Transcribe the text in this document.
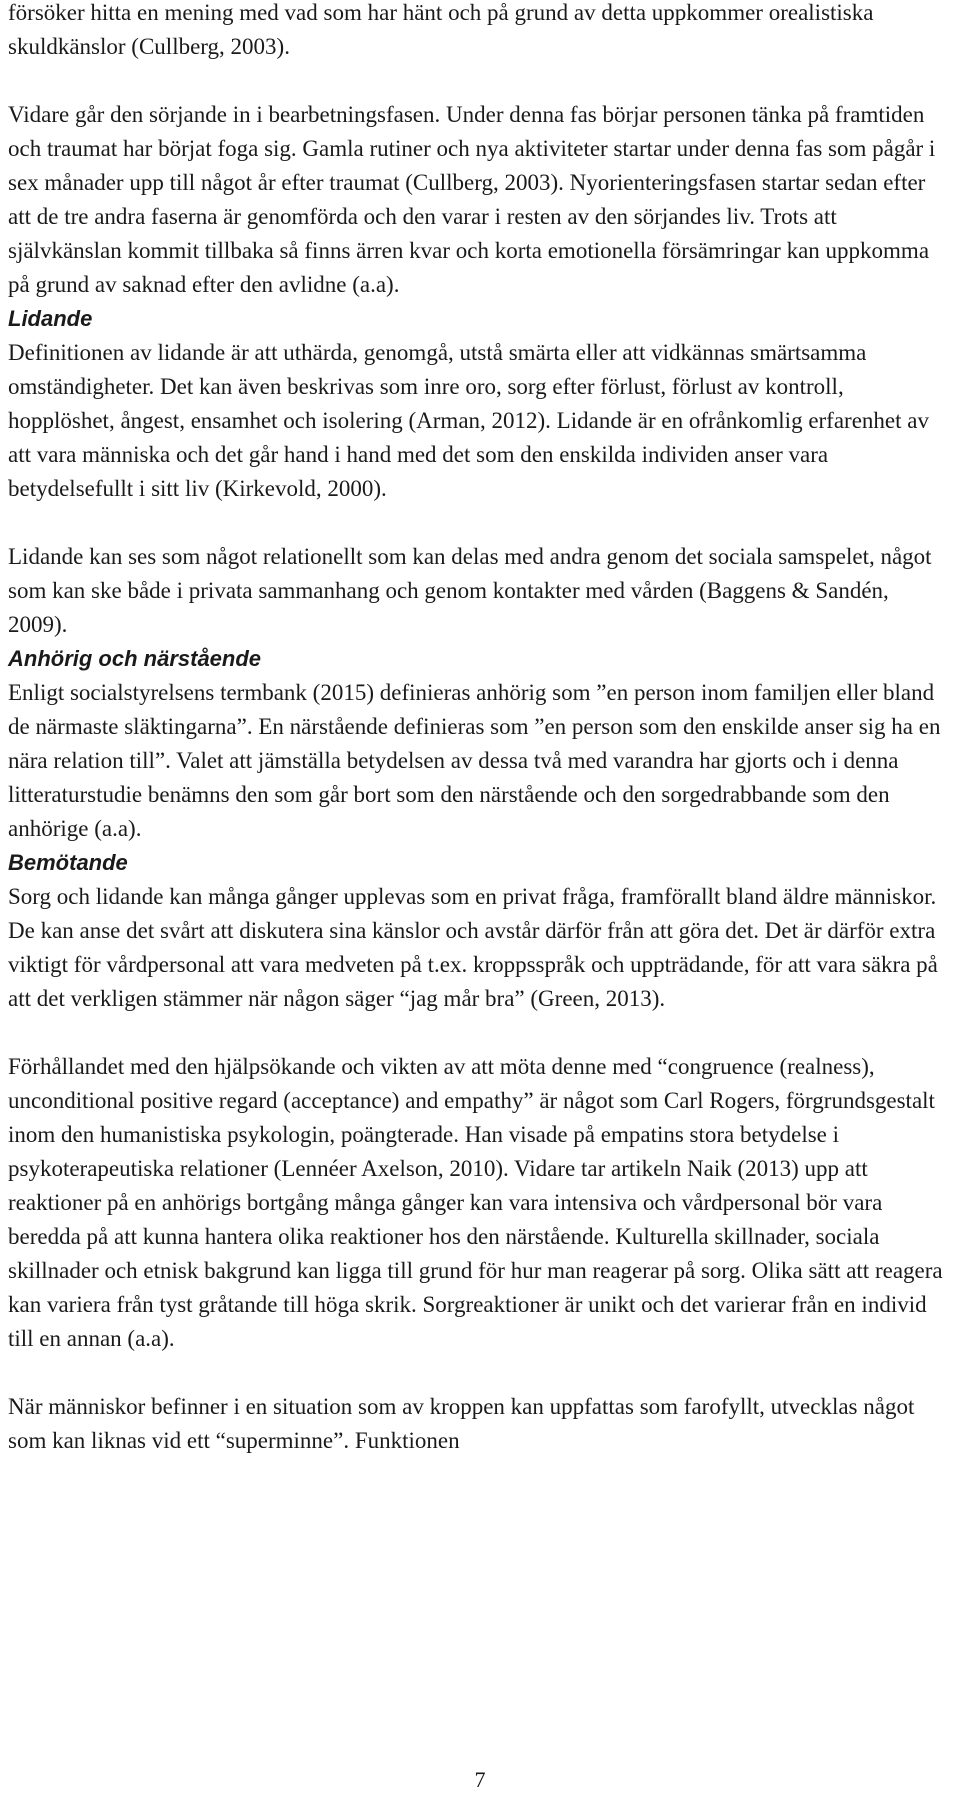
försöker hitta en mening med vad som har hänt och på grund av detta uppkommer orealistiska skuldkänslor (Cullberg, 2003).

Vidare går den sörjande in i bearbetningsfasen. Under denna fas börjar personen tänka på framtiden och traumat har börjat foga sig. Gamla rutiner och nya aktiviteter startar under denna fas som pågår i sex månader upp till något år efter traumat (Cullberg, 2003). Nyorienteringsfasen startar sedan efter att de tre andra faserna är genomförda och den varar i resten av den sörjandes liv. Trots att självkänslan kommit tillbaka så finns ärren kvar och korta emotionella försämringar kan uppkomma på grund av saknad efter den avlidne (a.a).

Lidande

Definitionen av lidande är att uthärda, genomgå, utstå smärta eller att vidkännas smärtsamma omständigheter. Det kan även beskrivas som inre oro, sorg efter förlust, förlust av kontroll, hopplöshet, ångest, ensamhet och isolering (Arman, 2012). Lidande är en ofrånkomlig erfarenhet av att vara människa och det går hand i hand med det som den enskilda individen anser vara betydelsefullt i sitt liv (Kirkevold, 2000).

Lidande kan ses som något relationellt som kan delas med andra genom det sociala samspelet, något som kan ske både i privata sammanhang och genom kontakter med vården (Baggens & Sandén, 2009).

Anhörig och närstående

Enligt socialstyrelsens termbank (2015) definieras anhörig som ”en person inom familjen eller bland de närmaste släktingarna”. En närstående definieras som ”en person som den enskilde anser sig ha en nära relation till”. Valet att jämställa betydelsen av dessa två med varandra har gjorts och i denna litteraturstudie benämns den som går bort som den närstående och den sorgedrabbande som den anhörige (a.a).

Bemötande

Sorg och lidande kan många gånger upplevas som en privat fråga, framförallt bland äldre människor. De kan anse det svårt att diskutera sina känslor och avstår därför från att göra det. Det är därför extra viktigt för vårdpersonal att vara medveten på t.ex. kroppsspråk och uppträdande, för att vara säkra på att det verkligen stämmer när någon säger “jag mår bra” (Green, 2013).

Förhållandet med den hjälpsökande och vikten av att möta denne med “congruence (realness), unconditional positive regard (acceptance) and empathy” är något som Carl Rogers, förgrundsgestalt inom den humanistiska psykologin, poängterade. Han visade på empatins stora betydelse i psykoterapeutiska relationer (Lennéer Axelson, 2010). Vidare tar artikeln Naik (2013) upp att reaktioner på en anhörigs bortgång många gånger kan vara intensiva och vårdpersonal bör vara beredda på att kunna hantera olika reaktioner hos den närstående. Kulturella skillnader, sociala skillnader och etnisk bakgrund kan ligga till grund för hur man reagerar på sorg. Olika sätt att reagera kan variera från tyst gråtande till höga skrik. Sorgreaktioner är unikt och det varierar från en individ till en annan (a.a).

När människor befinner i en situation som av kroppen kan uppfattas som farofyllt, utvecklas något som kan liknas vid ett “superminne”. Funktionen

7
